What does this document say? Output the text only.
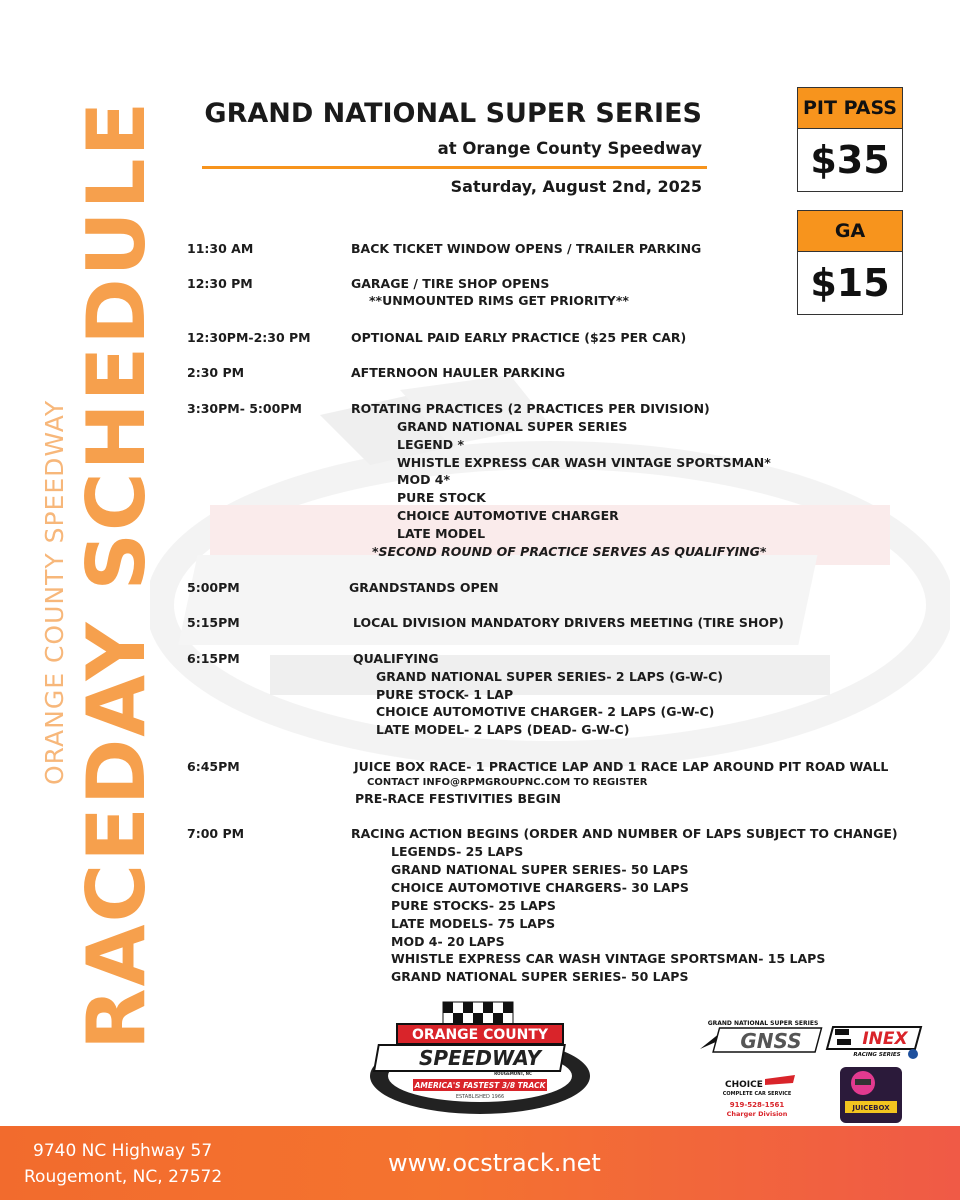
RACEDAY SCHEDULE
ORANGE COUNTY SPEEDWAY
GRAND NATIONAL SUPER SERIES
at Orange County Speedway
Saturday, August 2nd, 2025
PIT PASS
$35
GA
$15
11:30 AM	BACK TICKET WINDOW OPENS / TRAILER PARKING
12:30 PM	GARAGE / TIRE SHOP OPENS
**UNMOUNTED RIMS GET PRIORITY**
12:30PM-2:30 PM	OPTIONAL PAID EARLY PRACTICE ($25 PER CAR)
2:30 PM	AFTERNOON HAULER PARKING
3:30PM- 5:00PM	ROTATING PRACTICES (2 PRACTICES PER DIVISION)
GRAND NATIONAL SUPER SERIES
LEGEND *
WHISTLE EXPRESS CAR WASH VINTAGE SPORTSMAN*
MOD 4*
PURE STOCK
CHOICE AUTOMOTIVE CHARGER
LATE MODEL
*SECOND ROUND OF PRACTICE SERVES AS QUALIFYING*
5:00PM	GRANDSTANDS OPEN
5:15PM	LOCAL DIVISION MANDATORY DRIVERS MEETING (TIRE SHOP)
6:15PM	QUALIFYING
GRAND NATIONAL SUPER SERIES- 2 LAPS (G-W-C)
PURE STOCK- 1 LAP
CHOICE AUTOMOTIVE CHARGER- 2 LAPS (G-W-C)
LATE MODEL- 2 LAPS (DEAD- G-W-C)
6:45PM	JUICE BOX RACE- 1 PRACTICE LAP AND 1 RACE LAP AROUND PIT ROAD WALL
CONTACT INFO@RPMGROUPNC.COM TO REGISTER
PRE-RACE FESTIVITIES BEGIN
7:00 PM	RACING ACTION BEGINS (ORDER AND NUMBER OF LAPS SUBJECT TO CHANGE)
LEGENDS- 25 LAPS
GRAND NATIONAL SUPER SERIES- 50 LAPS
CHOICE AUTOMOTIVE CHARGERS- 30 LAPS
PURE STOCKS- 25 LAPS
LATE MODELS- 75 LAPS
MOD 4- 20 LAPS
WHISTLE EXPRESS CAR WASH VINTAGE SPORTSMAN- 15 LAPS
GRAND NATIONAL SUPER SERIES- 50 LAPS
ORANGE COUNTY
SPEEDWAY
ROUGEMONT, NC
AMERICA'S FASTEST 3/8 TRACK
ESTABLISHED 1966
GRAND NATIONAL SUPER SERIES
GNSS	INEX
RACING SERIES
CHOICE
COMPLETE CAR SERVICE
919-528-1561
Charger Division
JUICEBOX
9740 NC Highway 57
Rougemont, NC, 27572	www.ocstrack.net
